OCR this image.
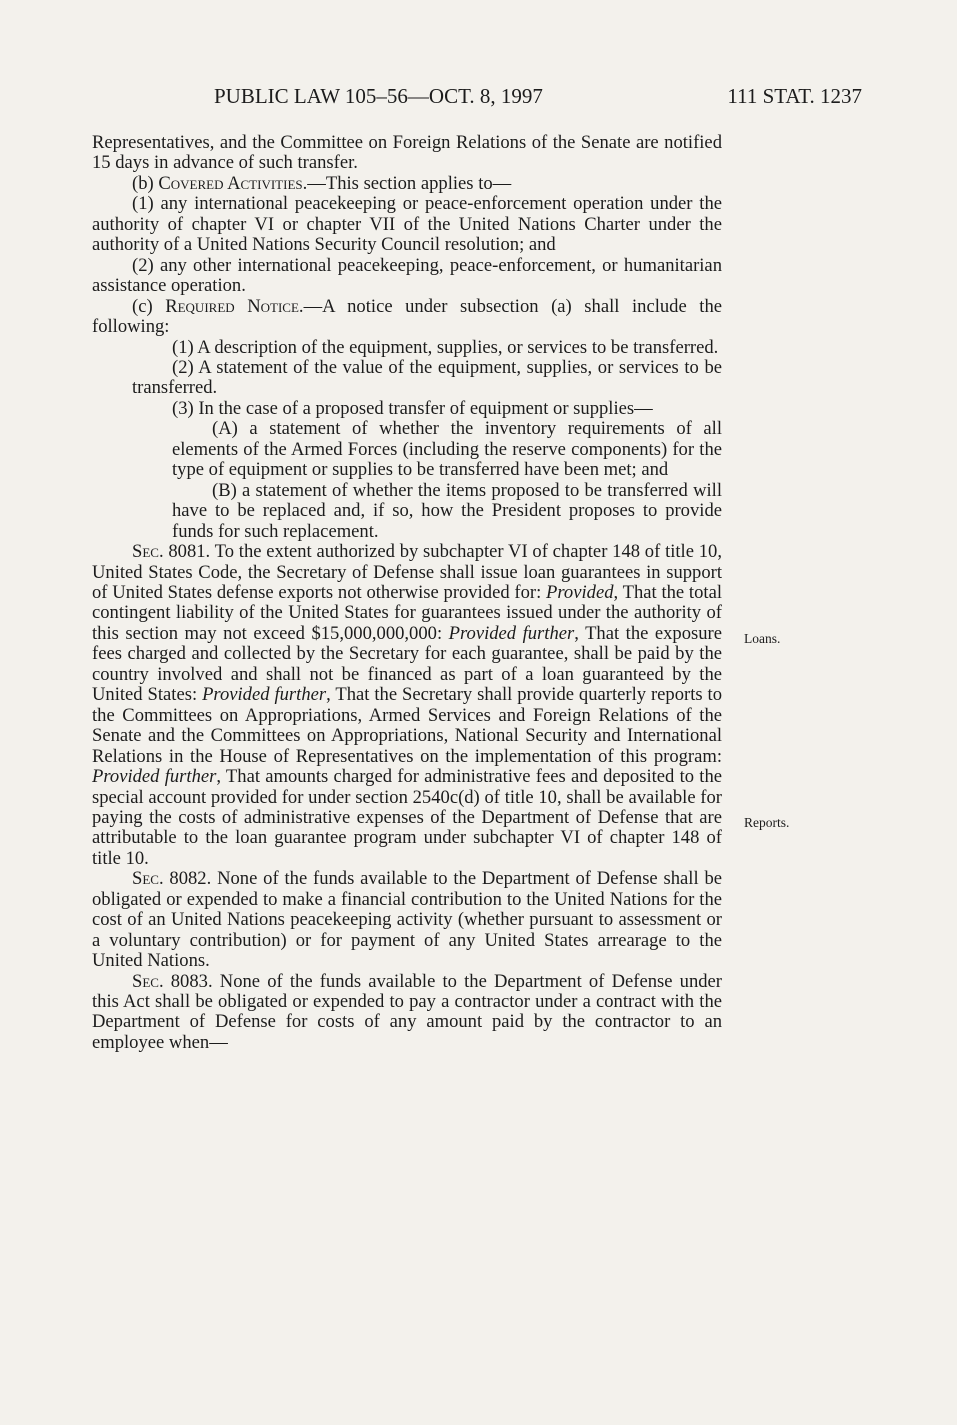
PUBLIC LAW 105–56—OCT. 8, 1997	111 STAT. 1237

Representatives, and the Committee on Foreign Relations of the Senate are notified 15 days in advance of such transfer.

(b) Covered Activities.—This section applies to—

(1) any international peacekeeping or peace-enforcement operation under the authority of chapter VI or chapter VII of the United Nations Charter under the authority of a United Nations Security Council resolution; and

(2) any other international peacekeeping, peace-enforcement, or humanitarian assistance operation.

(c) Required Notice.—A notice under subsection (a) shall include the following:

(1) A description of the equipment, supplies, or services to be transferred.

(2) A statement of the value of the equipment, supplies, or services to be transferred.

(3) In the case of a proposed transfer of equipment or supplies—

(A) a statement of whether the inventory requirements of all elements of the Armed Forces (including the reserve components) for the type of equipment or supplies to be transferred have been met; and

(B) a statement of whether the items proposed to be transferred will have to be replaced and, if so, how the President proposes to provide funds for such replacement.

Sec. 8081. To the extent authorized by subchapter VI of chapter 148 of title 10, United States Code, the Secretary of Defense shall issue loan guarantees in support of United States defense exports not otherwise provided for: Provided, That the total contingent liability of the United States for guarantees issued under the authority of this section may not exceed $15,000,000,000: Provided further, That the exposure fees charged and collected by the Secretary for each guarantee, shall be paid by the country involved and shall not be financed as part of a loan guaranteed by the United States: Provided further, That the Secretary shall provide quarterly reports to the Committees on Appropriations, Armed Services and Foreign Relations of the Senate and the Committees on Appropriations, National Security and International Relations in the House of Representatives on the implementation of this program: Provided further, That amounts charged for administrative fees and deposited to the special account provided for under section 2540c(d) of title 10, shall be available for paying the costs of administrative expenses of the Department of Defense that are attributable to the loan guarantee program under subchapter VI of chapter 148 of title 10.

Sec. 8082. None of the funds available to the Department of Defense shall be obligated or expended to make a financial contribution to the United Nations for the cost of an United Nations peacekeeping activity (whether pursuant to assessment or a voluntary contribution) or for payment of any United States arrearage to the United Nations.

Sec. 8083. None of the funds available to the Department of Defense under this Act shall be obligated or expended to pay a contractor under a contract with the Department of Defense for costs of any amount paid by the contractor to an employee when—

Loans.
Reports.
